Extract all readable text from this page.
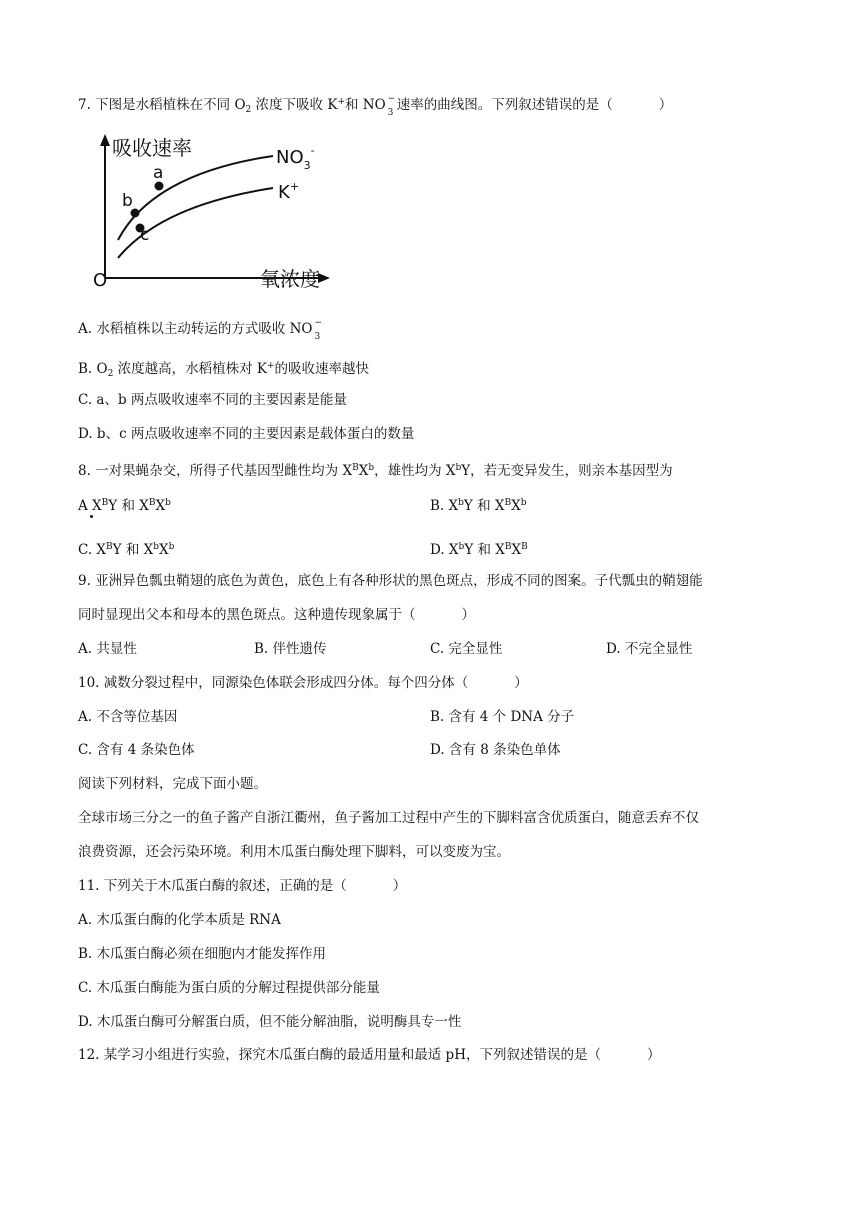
7. 下图是水稻植株在不同 $O_2$ 浓度下吸收 K+和 NO −
3
  速率的曲线图。下列叙述错误的是（	）
吸收速率
氧浓度
O
a
b
c
$NO_3^-$
K+
A. 水稻植株以主动转运的方式吸收 NO −
3

B. $O_2$ 浓度越高，水稻植株对 K+的吸收速率越快
C. a、b 两点吸收速率不同的主要因素是能量
D. b、c 两点吸收速率不同的主要因素是载体蛋白的数量
8. 一对果蝇杂交，所得子代基因型雌性均为 $X^BX^b$，雄性均为 $X^bY$，若无变异发生，则亲本基因型为
A $X^BY$ 和 $X^BX^b$	B. $X^bY$ 和 $X^BX^b$
C. $X^BY$ 和 $X^bX^b$	D. $X^bY$ 和 $X^BX^B$
9. 亚洲异色瓢虫鞘翅的底色为黄色，底色上有各种形状的黑色斑点，形成不同的图案。子代瓢虫的鞘翅能
同时显现出父本和母本的黑色斑点。这种遗传现象属于（	）
A. 共显性	B. 伴性遗传	C. 完全显性	D. 不完全显性
10. 减数分裂过程中，同源染色体联会形成四分体。每个四分体（	）
A. 不含等位基因	B. 含有 4 个 DNA 分子
C. 含有 4 条染色体	D. 含有 8 条染色单体
阅读下列材料，完成下面小题。
全球市场三分之一的鱼子酱产自浙江衢州，鱼子酱加工过程中产生的下脚料富含优质蛋白，随意丢弃不仅
浪费资源，还会污染环境。利用木瓜蛋白酶处理下脚料，可以变废为宝。
11. 下列关于木瓜蛋白酶的叙述，正确的是（	）
A. 木瓜蛋白酶的化学本质是 RNA
B. 木瓜蛋白酶必须在细胞内才能发挥作用
C. 木瓜蛋白酶能为蛋白质的分解过程提供部分能量
D. 木瓜蛋白酶可分解蛋白质，但不能分解油脂，说明酶具专一性
12. 某学习小组进行实验，探究木瓜蛋白酶的最适用量和最适 pH，下列叙述错误的是（	）
